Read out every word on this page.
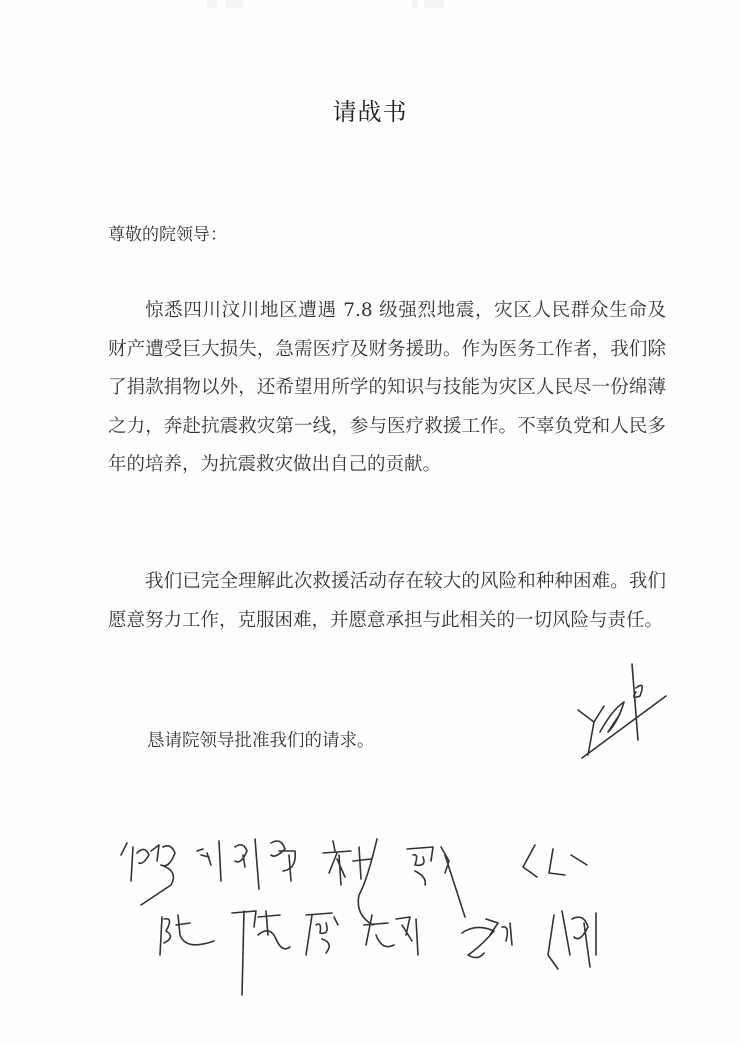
请战书
尊敬的院领导：

惊悉四川汶川地区遭遇 7.8 级强烈地震，灾区人民群众生命及财产遭受巨大损失，急需医疗及财务援助。作为医务工作者，我们除了捐款捐物以外，还希望用所学的知识与技能为灾区人民尽一份绵薄之力，奔赴抗震救灾第一线，参与医疗救援工作。不辜负党和人民多年的培养，为抗震救灾做出自己的贡献。

我们已完全理解此次救援活动存在较大的风险和种种困难。我们愿意努力工作，克服困难，并愿意承担与此相关的一切风险与责任。

恳请院领导批准我们的请求。
